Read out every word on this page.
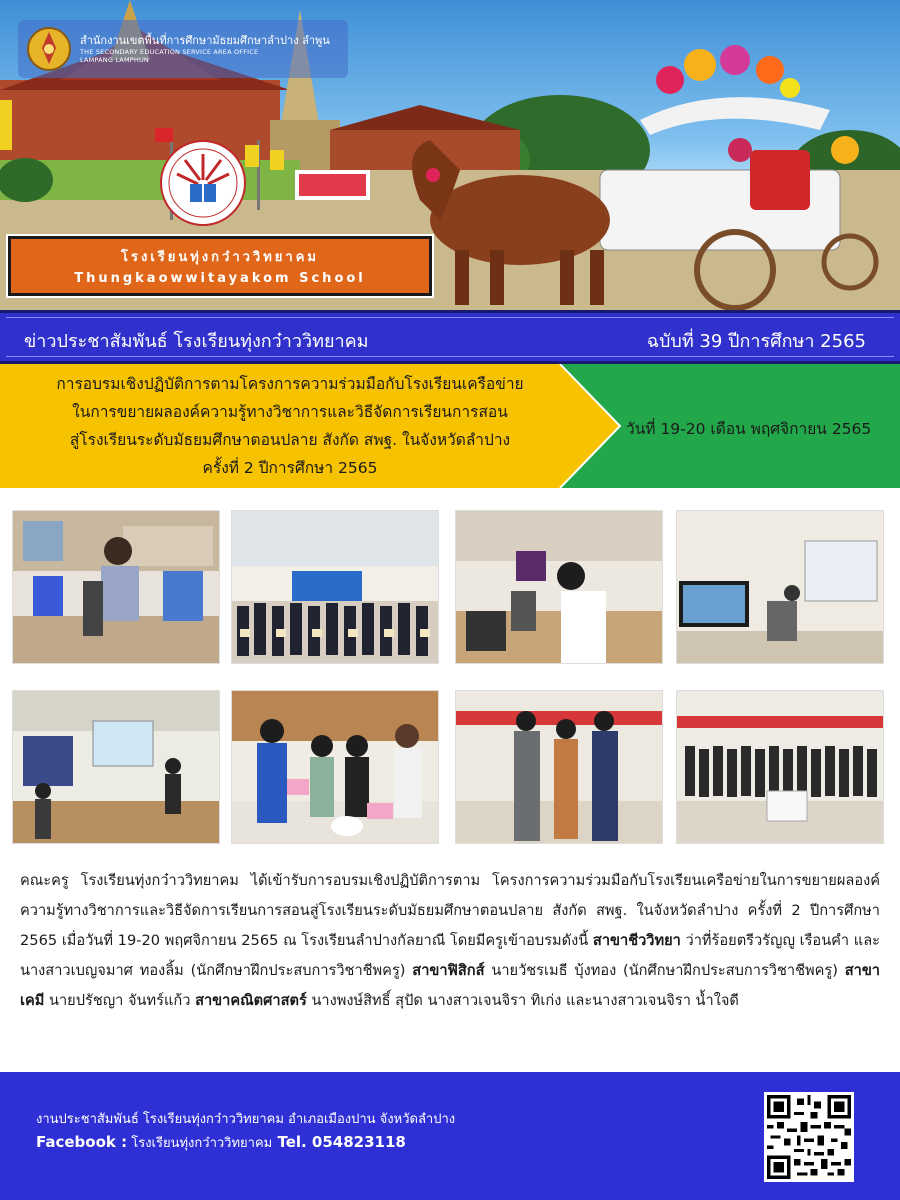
สำนักงานเขตพื้นที่การศึกษามัธยมศึกษาลำปาง ลำพูน
THE SECONDARY EDUCATION SERVICE AREA OFFICE
LAMPANG LAMPHUN
โรงเรียนทุ่งกว๋าววิทยาคม
Thungkaowwitayakom School
ข่าวประชาสัมพันธ์ โรงเรียนทุ่งกว๋าววิทยาคม	ฉบับที่ 39 ปีการศึกษา 2565
การอบรมเชิงปฏิบัติการตามโครงการความร่วมมือกับโรงเรียนเครือข่าย
ในการขยายผลองค์ความรู้ทางวิชาการและวิธีจัดการเรียนการสอน
สู่โรงเรียนระดับมัธยมศึกษาตอนปลาย สังกัด สพฐ. ในจังหวัดลำปาง
ครั้งที่ 2 ปีการศึกษา 2565
วันที่ 19-20 เดือน พฤศจิกายน 2565
คณะครู โรงเรียนทุ่งกว๋าววิทยาคม ได้เข้ารับการอบรมเชิงปฏิบัติการตาม โครงการความร่วมมือกับโรงเรียนเครือข่ายในการขยายผลองค์ความรู้ทางวิชาการและวิธีจัดการเรียนการสอนสู่โรงเรียนระดับมัธยมศึกษาตอนปลาย สังกัด สพฐ. ในจังหวัดลำปาง ครั้งที่ 2 ปีการศึกษา 2565 เมื่อวันที่ 19-20 พฤศจิกายน 2565 ณ โรงเรียนลำปางกัลยาณี โดยมีครูเข้าอบรมดังนี้ สาขาชีววิทยา ว่าที่ร้อยตรีวรัญญู เรือนคำ และนางสาวเบญจมาศ ทองลิ้ม (นักศึกษาฝึกประสบการวิชาชีพครู) สาขาฟิสิกส์ นายวัชรเมธี บุ้งทอง (นักศึกษาฝึกประสบการวิชาชีพครู) สาขาเคมี นายปรัชญา จันทร์แก้ว สาขาคณิตศาสตร์ นางพงษ์สิทธิ์ สุปัด นางสาวเจนจิรา ทิเก่ง และนางสาวเจนจิรา น้ำใจดี
งานประชาสัมพันธ์ โรงเรียนทุ่งกว๋าววิทยาคม อำเภอเมืองปาน จังหวัดลำปาง
Facebook : โรงเรียนทุ่งกว๋าววิทยาคม Tel. 054823118
